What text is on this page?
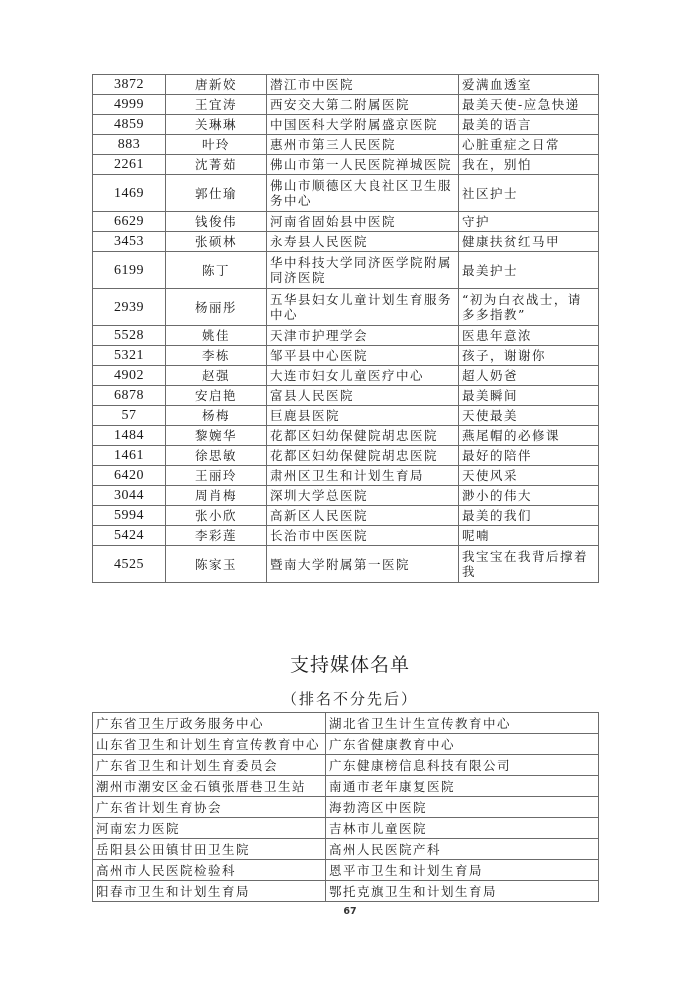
3872	唐新姣	潜江市中医院	爱满血透室
4999	王宜涛	西安交大第二附属医院	最美天使-应急快递
4859	关琳琳	中国医科大学附属盛京医院	最美的语言
883	叶玲	惠州市第三人民医院	心脏重症之日常
2261	沈菁茹	佛山市第一人民医院禅城医院	我在，别怕
1469	郭仕瑜	佛山市顺德区大良社区卫生服务中心	社区护士
6629	钱俊伟	河南省固始县中医院	守护
3453	张硕林	永寿县人民医院	健康扶贫红马甲
6199	陈丁	华中科技大学同济医学院附属同济医院	最美护士
2939	杨丽彤	五华县妇女儿童计划生育服务中心	“初为白衣战士，请多多指教”
5528	姚佳	天津市护理学会	医患年意浓
5321	李栋	邹平县中心医院	孩子，谢谢你
4902	赵强	大连市妇女儿童医疗中心	超人奶爸
6878	安启艳	富县人民医院	最美瞬间
57	杨梅	巨鹿县医院	天使最美
1484	黎婉华	花都区妇幼保健院胡忠医院	燕尾帽的必修课
1461	徐思敏	花都区妇幼保健院胡忠医院	最好的陪伴
6420	王丽玲	肃州区卫生和计划生育局	天使风采
3044	周肖梅	深圳大学总医院	渺小的伟大
5994	张小欣	高新区人民医院	最美的我们
5424	李彩莲	长治市中医医院	呢喃
4525	陈家玉	暨南大学附属第一医院	我宝宝在我背后撑着我
支持媒体名单
（排名不分先后）
广东省卫生厅政务服务中心	湖北省卫生计生宣传教育中心
山东省卫生和计划生育宣传教育中心	广东省健康教育中心
广东省卫生和计划生育委员会	广东健康榜信息科技有限公司
潮州市潮安区金石镇张厝巷卫生站	南通市老年康复医院
广东省计划生育协会	海勃湾区中医院
河南宏力医院	吉林市儿童医院
岳阳县公田镇甘田卫生院	高州人民医院产科
高州市人民医院检验科	恩平市卫生和计划生育局
阳春市卫生和计划生育局	鄂托克旗卫生和计划生育局
67
